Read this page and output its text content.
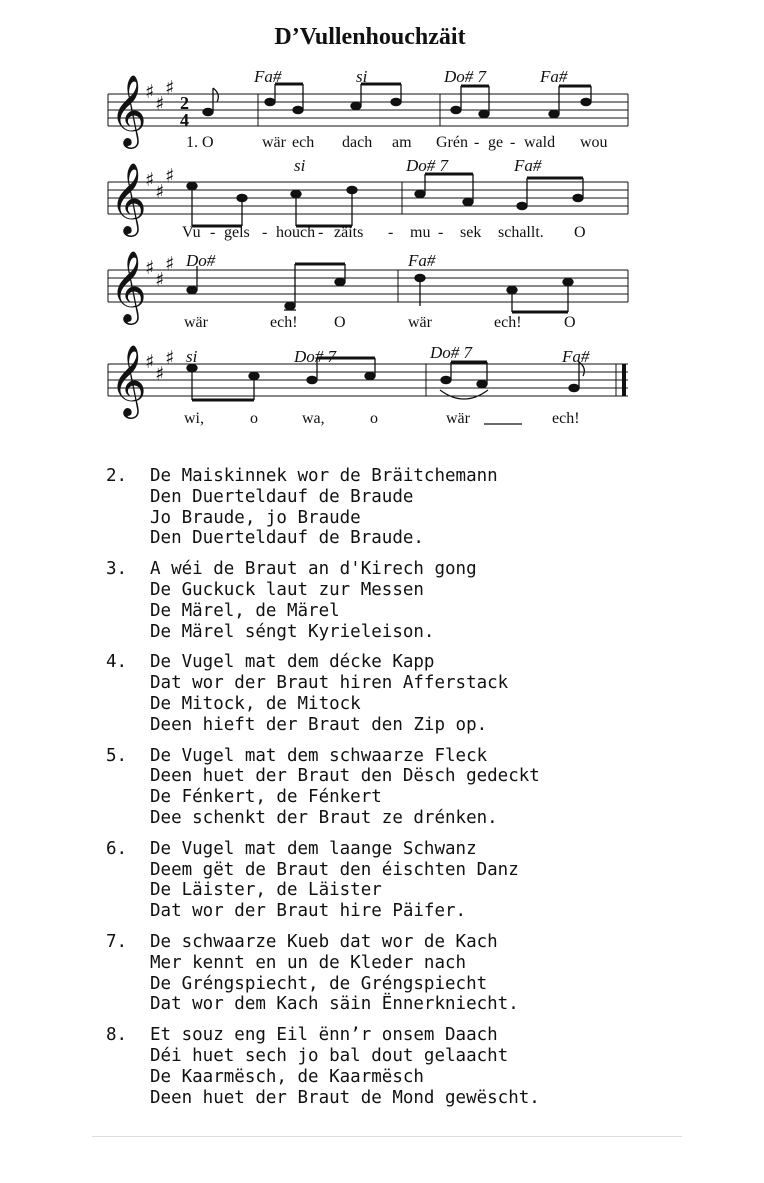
D’Vullenhouchzäit
𝄞
♯
♯
♯
2
4
Fa#	si	Do# 7	Fa#
1. O	wär ech dach am Grén - ge - wald wou
𝄞
♯
♯
♯	si	Do# 7	Fa#
Vu - gels - houch - zäits - mu - sek schallt. O
𝄞
♯
♯
♯ Do#	Fa#
wär	ech! O	wär	ech!	O
𝄞
♯
♯
♯ si	Do# 7	Do# 7	Fa#
wi,	o	wa,	o	wär	ech!
2.	De Maiskinnek wor de Bräitchemann
Den Duerteldauf de Braude
Jo Braude, jo Braude
Den Duerteldauf de Braude.
3.	A wéi de Braut an d'Kirech gong
De Guckuck laut zur Messen
De Märel, de Märel
De Märel séngt Kyrieleison.
4.	De Vugel mat dem décke Kapp
Dat wor der Braut hiren Afferstack
De Mitock, de Mitock
Deen hieft der Braut den Zip op.
5.	De Vugel mat dem schwaarze Fleck
Deen huet der Braut den Dësch gedeckt
De Fénkert, de Fénkert
Dee schenkt der Braut ze drénken.
6.	De Vugel mat dem laange Schwanz
Deem gët de Braut den éischten Danz
De Läister, de Läister
Dat wor der Braut hire Päifer.
7.	De schwaarze Kueb dat wor de Kach
Mer kennt en un de Kleder nach
De Gréngspiecht, de Gréngspiecht
Dat wor dem Kach säin Ënnerkniecht.
8.	Et souz eng Eil ënn’r onsem Daach
Déi huet sech jo bal dout gelaacht
De Kaarmësch, de Kaarmësch
Deen huet der Braut de Mond gewëscht.
